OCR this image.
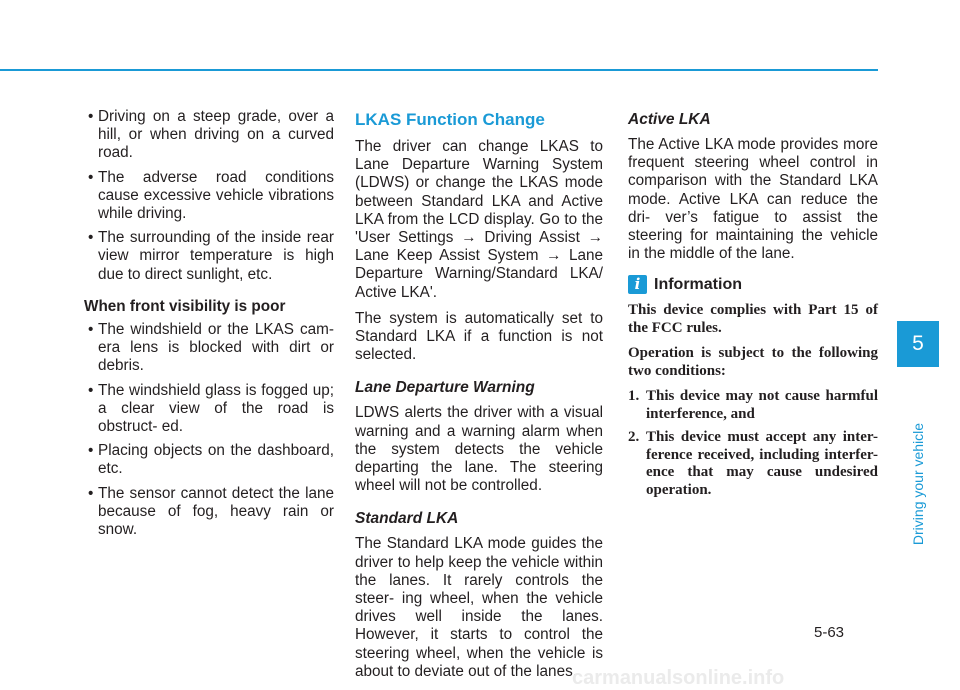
• Driving on a steep grade, over a hill, or when driving on a curved road.
• The adverse road conditions cause excessive vehicle vibrations while driving.
• The surrounding of the inside rear view mirror temperature is high due to direct sunlight, etc.
When front visibility is poor
• The windshield or the LKAS cam- era lens is blocked with dirt or debris.
• The windshield glass is fogged up; a clear view of the road is obstruct- ed.
• Placing objects on the dashboard, etc.
• The sensor cannot detect the lane because of fog, heavy rain or snow.
LKAS Function Change

The driver can change LKAS to Lane Departure Warning System (LDWS) or change the LKAS mode between Standard LKA and Active LKA from the LCD display. Go to the 'User Settings → Driving Assist → Lane Keep Assist System → Lane Departure Warning/Standard LKA/ Active LKA'.

The system is automatically set to Standard LKA if a function is not selected.

Lane Departure Warning

LDWS alerts the driver with a visual warning and a warning alarm when the system detects the vehicle departing the lane. The steering wheel will not be controlled.

Standard LKA

The Standard LKA mode guides the driver to help keep the vehicle within the lanes. It rarely controls the steer- ing wheel, when the vehicle drives well inside the lanes. However, it starts to control the steering wheel, when the vehicle is about to deviate out of the lanes.

Active LKA

The Active LKA mode provides more frequent steering wheel control in comparison with the Standard LKA mode. Active LKA can reduce the dri- ver’s fatigue to assist the steering for maintaining the vehicle in the middle of the lane.

i Information

This device complies with Part 15 of the FCC rules.

Operation is subject to the following two conditions:

1. This device may not cause harmful interference, and
2. This device must accept any inter- ference received, including interfer- ence that may cause undesired operation.
5
Driving your vehicle
5-63
carmanualsonline.info
